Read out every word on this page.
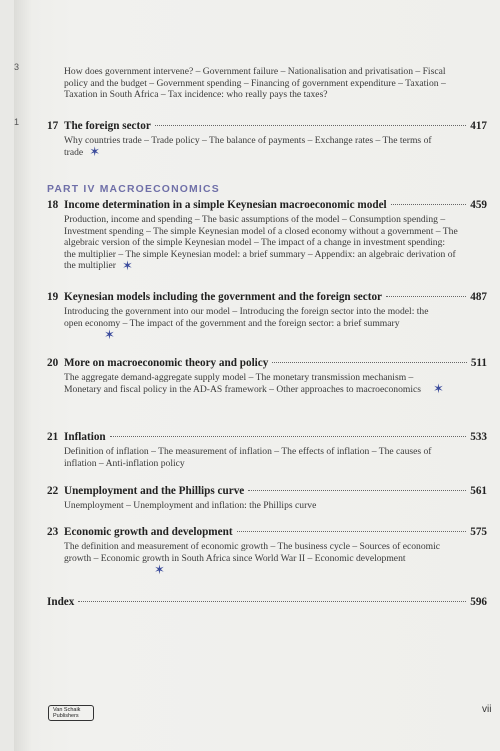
3
1

How does government intervene? – Government failure – Nationalisation and privatisation – Fiscal policy and the budget – Government spending – Financing of government expenditure – Taxation – Taxation in South Africa – Tax incidence: who really pays the taxes?

17 The foreign sector	417

Why countries trade – Trade policy – The balance of payments – Exchange rates – The terms of trade ✶

PART IV MACROECONOMICS
18 Income determination in a simple Keynesian macroeconomic model	459

Production, income and spending – The basic assumptions of the model – Consumption spending – Investment spending – The simple Keynesian model of a closed economy without a government – The algebraic version of the simple Keynesian model – The impact of a change in investment spending: the multiplier – The simple Keynesian model: a brief summary – Appendix: an algebraic derivation of the multiplier ✶

19 Keynesian models including the government and the foreign sector	487

Introducing the government into our model – Introducing the foreign sector into the model: the open economy – The impact of the government and the foreign sector: a brief summary✶

20 More on macroeconomic theory and policy	511

The aggregate demand-aggregate supply model – The monetary transmission mechanism – Monetary and fiscal policy in the AD-AS framework – Other approaches to macroeconomics ✶

21 Inflation	533

Definition of inflation – The measurement of inflation – The effects of inflation – The causes of inflation – Anti-inflation policy

22 Unemployment and the Phillips curve	561

Unemployment – Unemployment and inflation: the Phillips curve

23 Economic growth and development	575

The definition and measurement of economic growth – The business cycle – Sources of economic growth – Economic growth in South Africa since World War II – Economic development✶

Index	596
Van Schaik Publishers
vii
